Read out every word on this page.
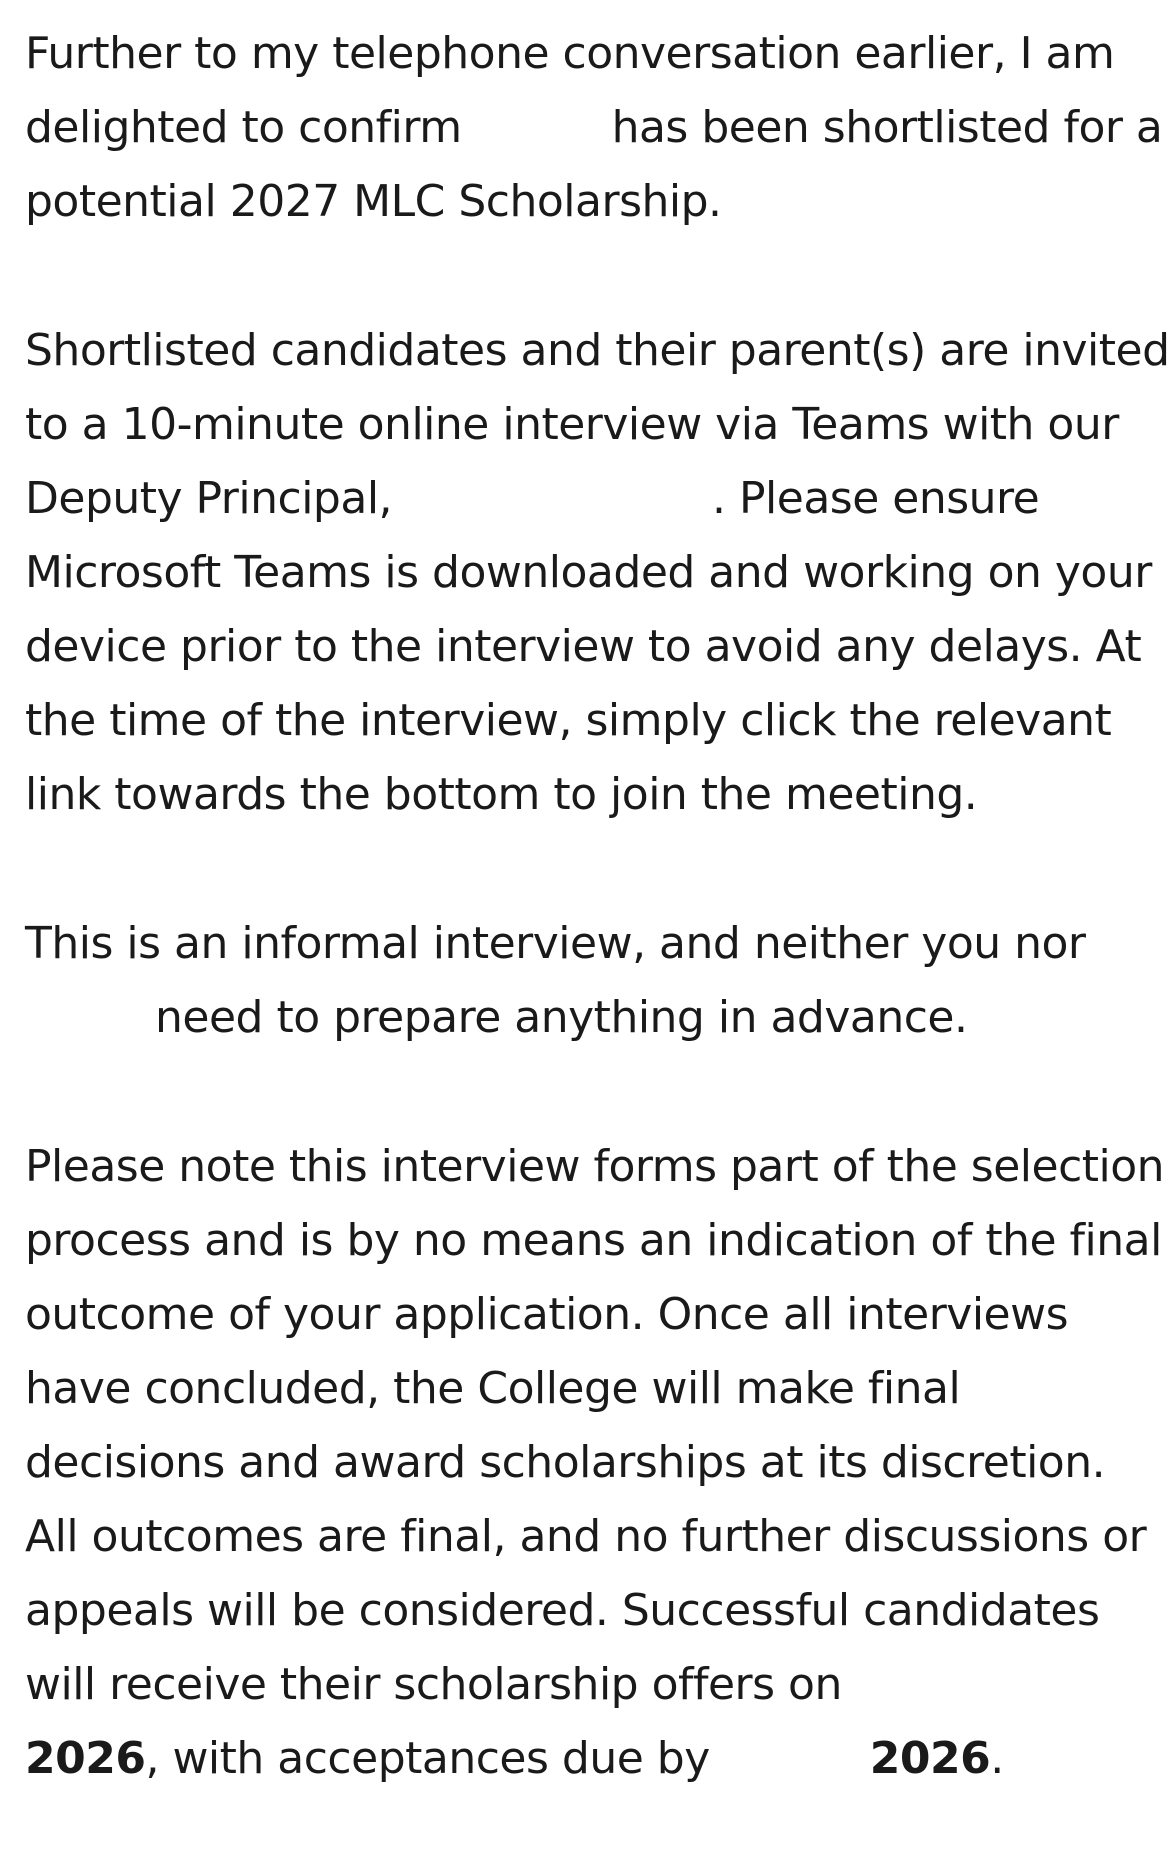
Further to my telephone conversation earlier, I am
delighted to confirm	has been shortlisted for a
potential 2027 MLC Scholarship.
Shortlisted candidates and their parent(s) are invited
to a 10-minute online interview via Teams with our
Deputy Principal,	. Please ensure
Microsoft Teams is downloaded and working on your
device prior to the interview to avoid any delays. At
the time of the interview, simply click the relevant
link towards the bottom to join the meeting.
This is an informal interview, and neither you nor
need to prepare anything in advance.
Please note this interview forms part of the selection
process and is by no means an indication of the final
outcome of your application. Once all interviews
have concluded, the College will make final
decisions and award scholarships at its discretion.
All outcomes are final, and no further discussions or
appeals will be considered. Successful candidates
will receive their scholarship offers on
2026, with acceptances due by	2026.
